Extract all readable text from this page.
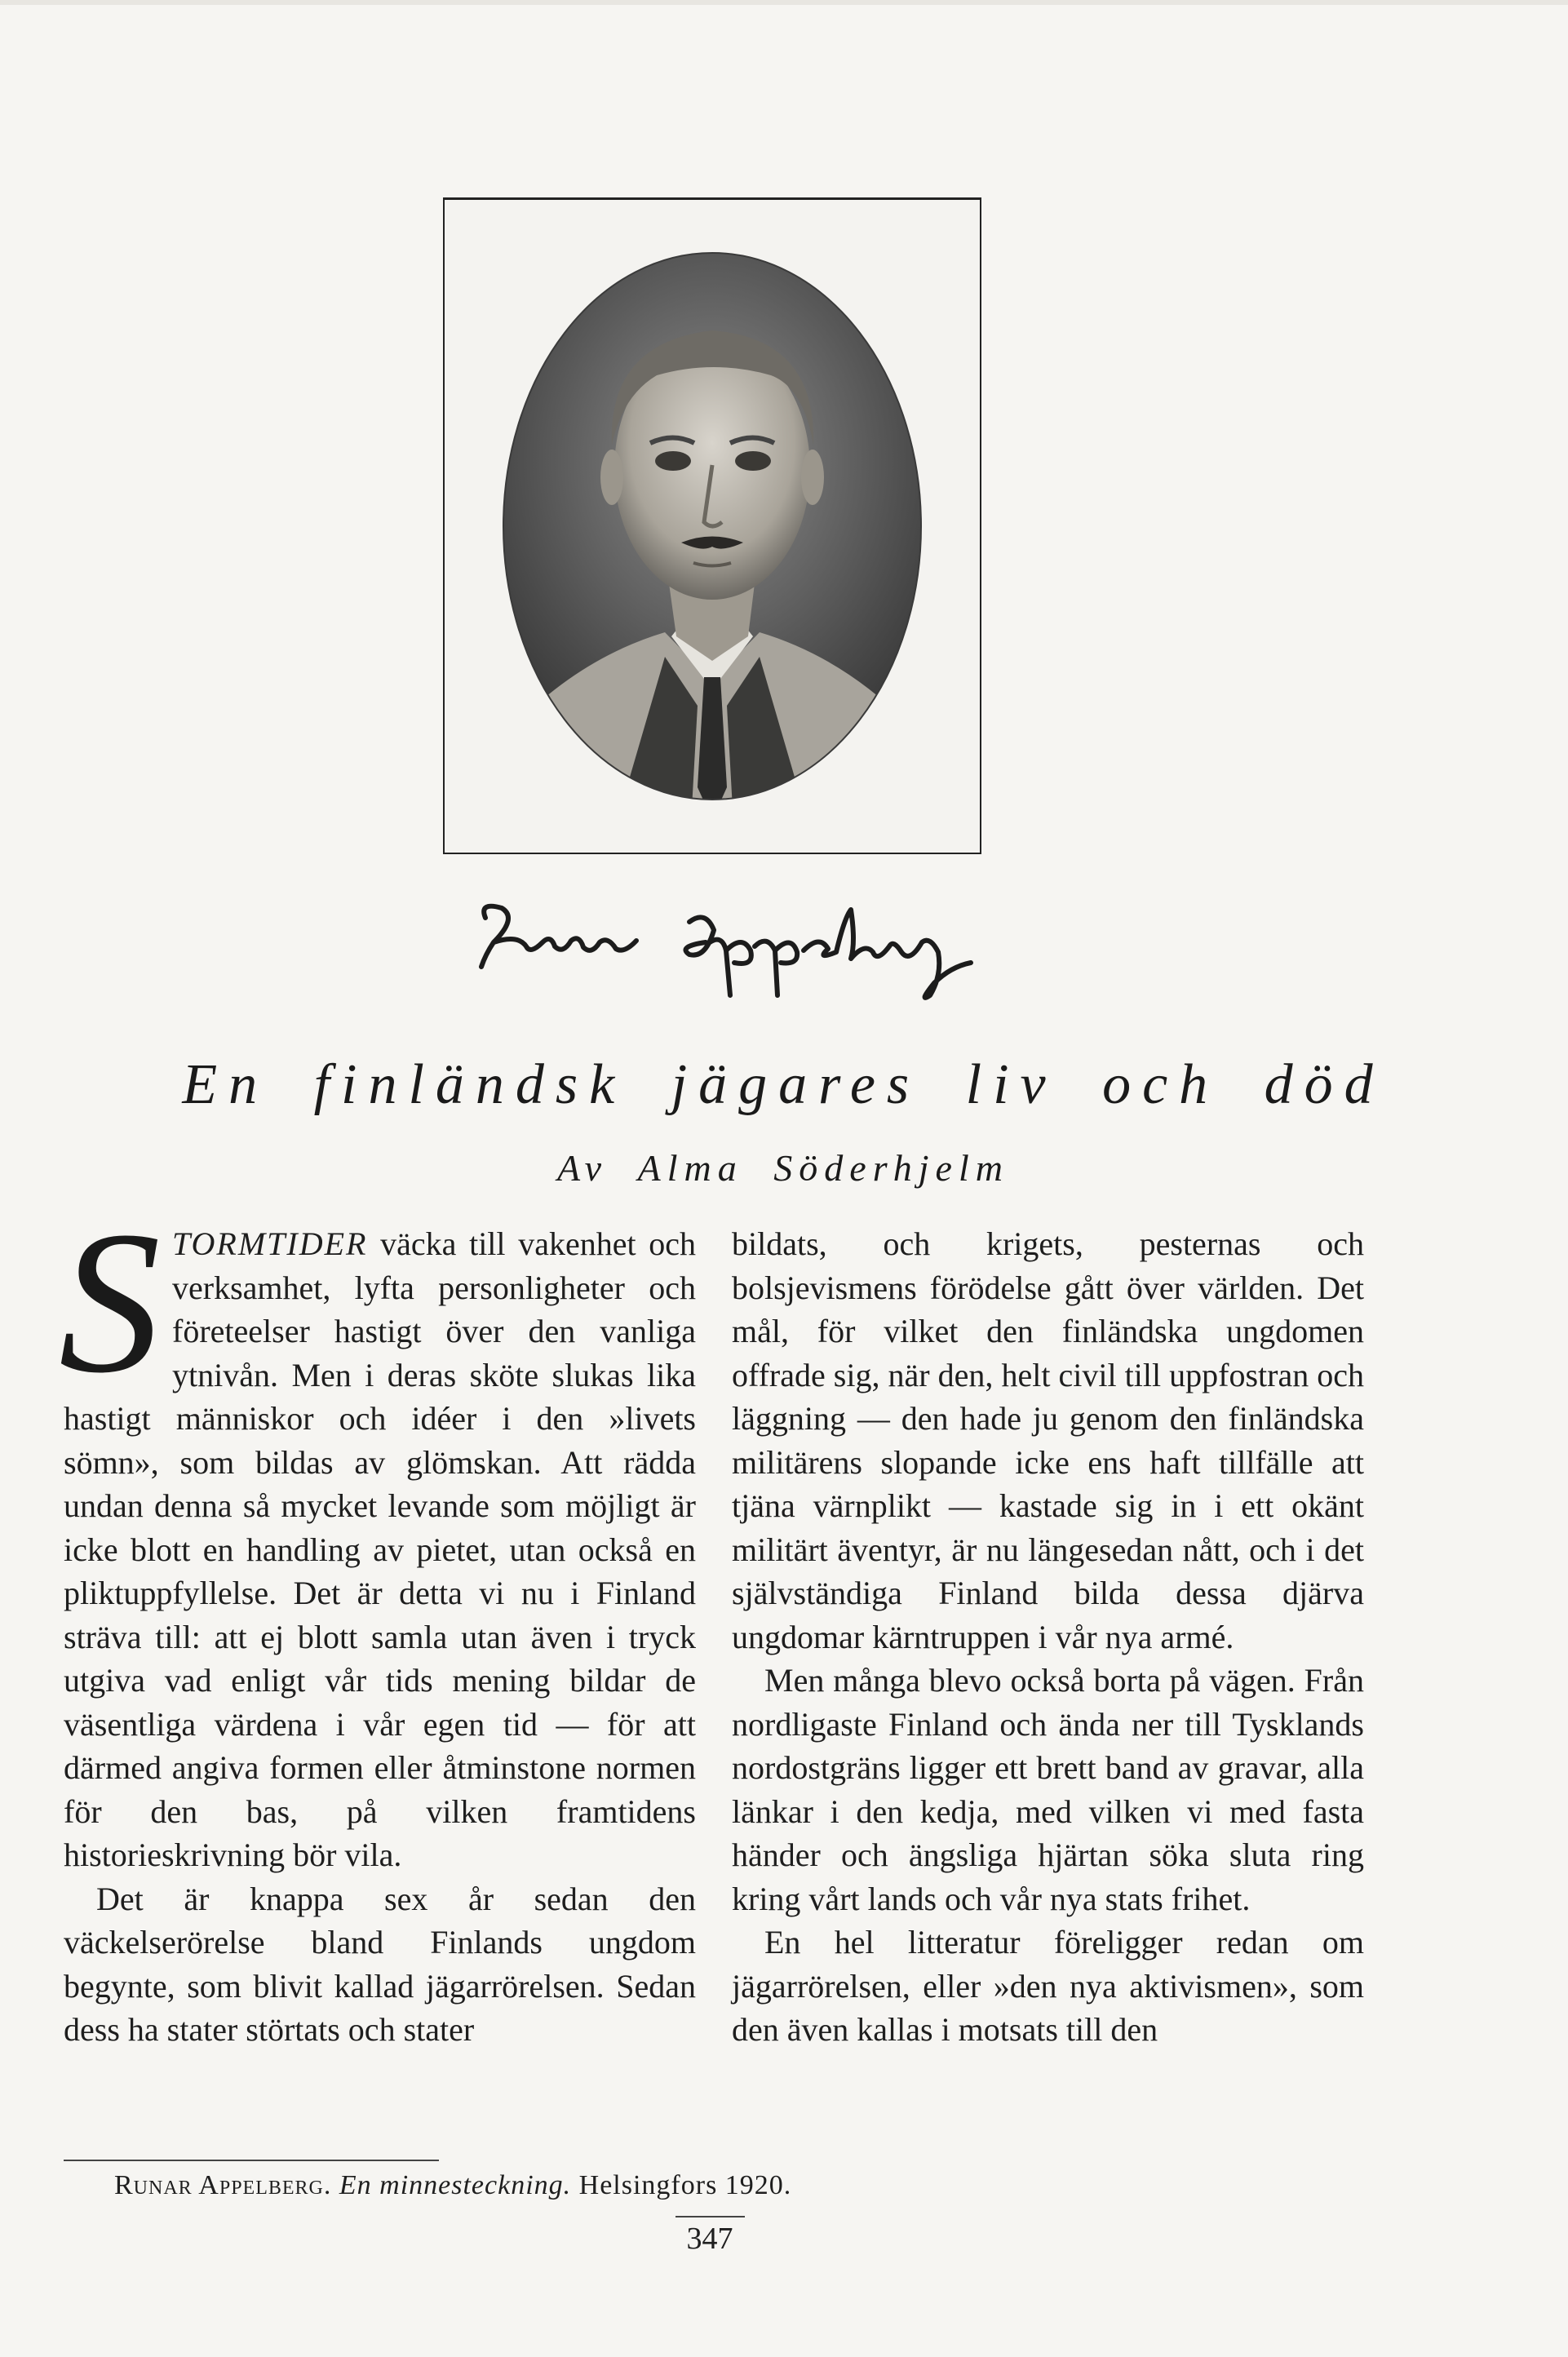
En finländsk jägares liv och död
Av Alma Söderhjelm

STORMTIDER väcka till vakenhet och verksamhet, lyfta personligheter och företeelser hastigt över den vanliga ytnivån. Men i deras sköte slukas lika hastigt människor och idéer i den »livets sömn», som bildas av glömskan. Att rädda undan denna så mycket levande som möjligt är icke blott en handling av pietet, utan också en pliktuppfyllelse. Det är detta vi nu i Finland sträva till: att ej blott samla utan även i tryck utgiva vad enligt vår tids mening bildar de väsentliga värdena i vår egen tid — för att därmed angiva formen eller åtminstone normen för den bas, på vilken framtidens historieskrivning bör vila.

Det är knappa sex år sedan den väckelserörelse bland Finlands ungdom begynte, som blivit kallad jägarrörelsen. Sedan dess ha stater störtats och stater

bildats, och krigets, pesternas och bolsjevismens förödelse gått över världen. Det mål, för vilket den finländska ungdomen offrade sig, när den, helt civil till uppfostran och läggning — den hade ju genom den finländska militärens slopande icke ens haft tillfälle att tjäna värnplikt — kastade sig in i ett okänt militärt äventyr, är nu längesedan nått, och i det självständiga Finland bilda dessa djärva ungdomar kärntruppen i vår nya armé.

Men många blevo också borta på vägen. Från nordligaste Finland och ända ner till Tysklands nordostgräns ligger ett brett band av gravar, alla länkar i den kedja, med vilken vi med fasta händer och ängsliga hjärtan söka sluta ring kring vårt lands och vår nya stats frihet.

En hel litteratur föreligger redan om jägarrörelsen, eller »den nya aktivismen», som den även kallas i motsats till den

Runar Appelberg. En minnesteckning. Helsingfors 1920.
347
